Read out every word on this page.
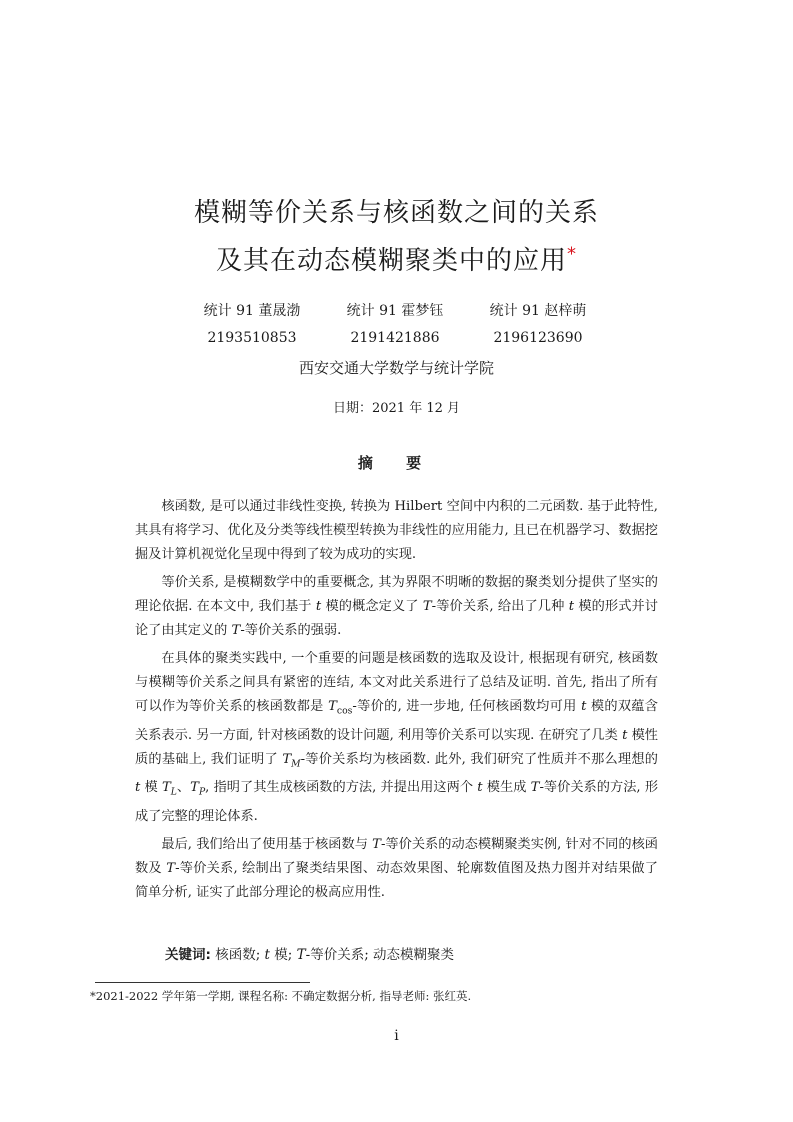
模糊等价关系与核函数之间的关系
及其在动态模糊聚类中的应用*
统计 91 董晟渤
2193510853
统计 91 霍梦钰
2191421886
统计 91 赵梓萌
2196123690
西安交通大学数学与统计学院
日期：2021 年 12 月
摘 要

核函数, 是可以通过非线性变换, 转换为 Hilbert 空间中内积的二元函数. 基于此特性, 其具有将学习、优化及分类等线性模型转换为非线性的应用能力, 且已在机器学习、数据挖掘及计算机视觉化呈现中得到了较为成功的实现.

等价关系, 是模糊数学中的重要概念, 其为界限不明晰的数据的聚类划分提供了坚实的理论依据. 在本文中, 我们基于 t 模的概念定义了 T-等价关系, 给出了几种 t 模的形式并讨论了由其定义的 T-等价关系的强弱.

在具体的聚类实践中, 一个重要的问题是核函数的选取及设计, 根据现有研究, 核函数与模糊等价关系之间具有紧密的连结, 本文对此关系进行了总结及证明. 首先, 指出了所有可以作为等价关系的核函数都是 $T_{cos}-$等价的, 进一步地, 任何核函数均可用 t 模的双蕴含关系表示. 另一方面, 针对核函数的设计问题, 利用等价关系可以实现. 在研究了几类 t 模性质的基础上, 我们证明了 $T_M-$等价关系均为核函数. 此外, 我们研究了性质并不那么理想的 t 模 $T_L$、$T_P$, 指明了其生成核函数的方法, 并提出用这两个 t 模生成 T-等价关系的方法, 形成了完整的理论体系.

最后, 我们给出了使用基于核函数与 T-等价关系的动态模糊聚类实例, 针对不同的核函数及 T-等价关系, 绘制出了聚类结果图、动态效果图、轮廓数值图及热力图并对结果做了简单分析, 证实了此部分理论的极高应用性.

关键词: 核函数; t 模; T-等价关系; 动态模糊聚类
*2021-2022 学年第一学期, 课程名称: 不确定数据分析, 指导老师: 张红英.
i
